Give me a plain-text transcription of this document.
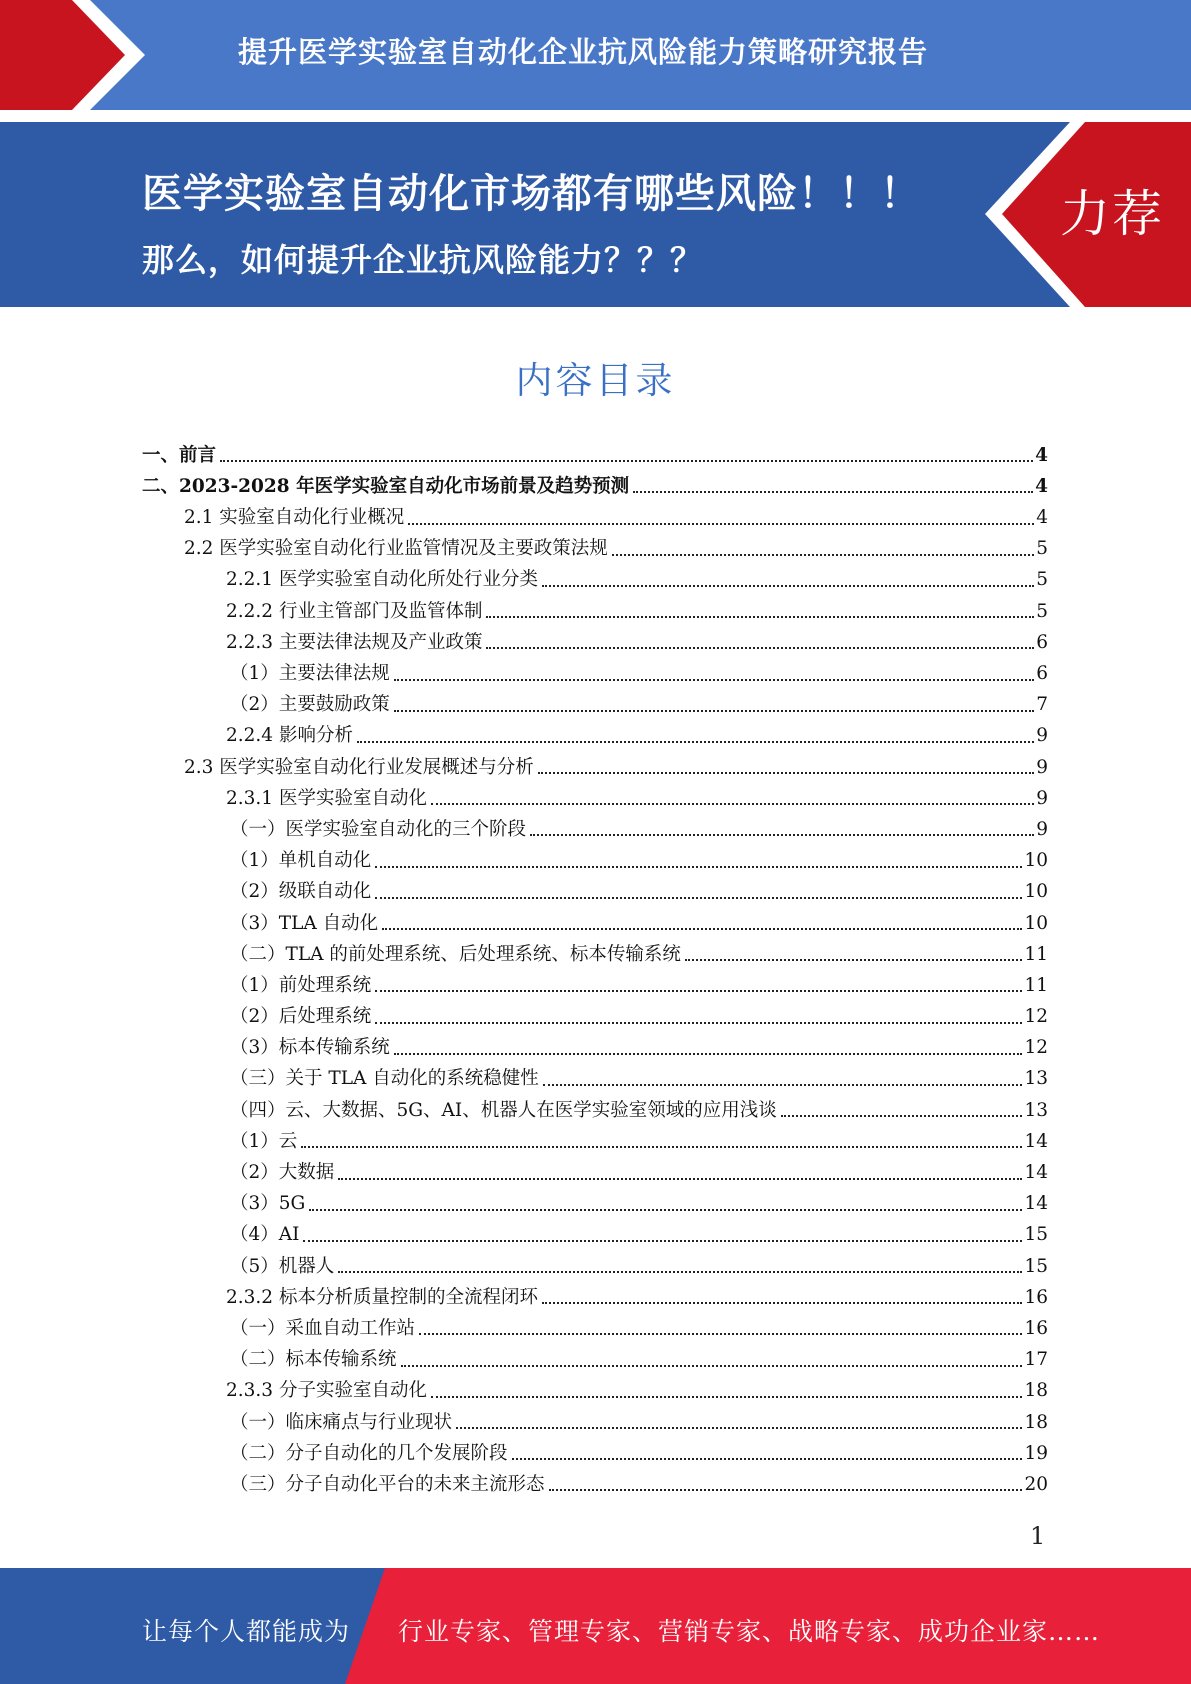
提升医学实验室自动化企业抗风险能力策略研究报告
医学实验室自动化市场都有哪些风险！！！
那么，如何提升企业抗风险能力？？？
力荐
内容目录
一、前言	4
二、2023-2028 年医学实验室自动化市场前景及趋势预测	4
2.1 实验室自动化行业概况	4
2.2 医学实验室自动化行业监管情况及主要政策法规	5
2.2.1 医学实验室自动化所处行业分类	5
2.2.2 行业主管部门及监管体制	5
2.2.3 主要法律法规及产业政策	6
（1）主要法律法规	6
（2）主要鼓励政策	7
2.2.4 影响分析	9
2.3 医学实验室自动化行业发展概述与分析	9
2.3.1 医学实验室自动化	9
（一）医学实验室自动化的三个阶段	9
（1）单机自动化	10
（2）级联自动化	10
（3）TLA 自动化	10
（二）TLA 的前处理系统、后处理系统、标本传输系统	11
（1）前处理系统	11
（2）后处理系统	12
（3）标本传输系统	12
（三）关于 TLA 自动化的系统稳健性	13
（四）云、大数据、5G、AI、机器人在医学实验室领域的应用浅谈	13
（1）云	14
（2）大数据	14
（3）5G	14
（4）AI	15
（5）机器人	15
2.3.2 标本分析质量控制的全流程闭环	16
（一）采血自动工作站	16
（二）标本传输系统	17
2.3.3 分子实验室自动化	18
（一）临床痛点与行业现状	18
（二）分子自动化的几个发展阶段	19
（三）分子自动化平台的未来主流形态	20
1
让每个人都能成为 行业专家、管理专家、营销专家、战略专家、成功企业家……
